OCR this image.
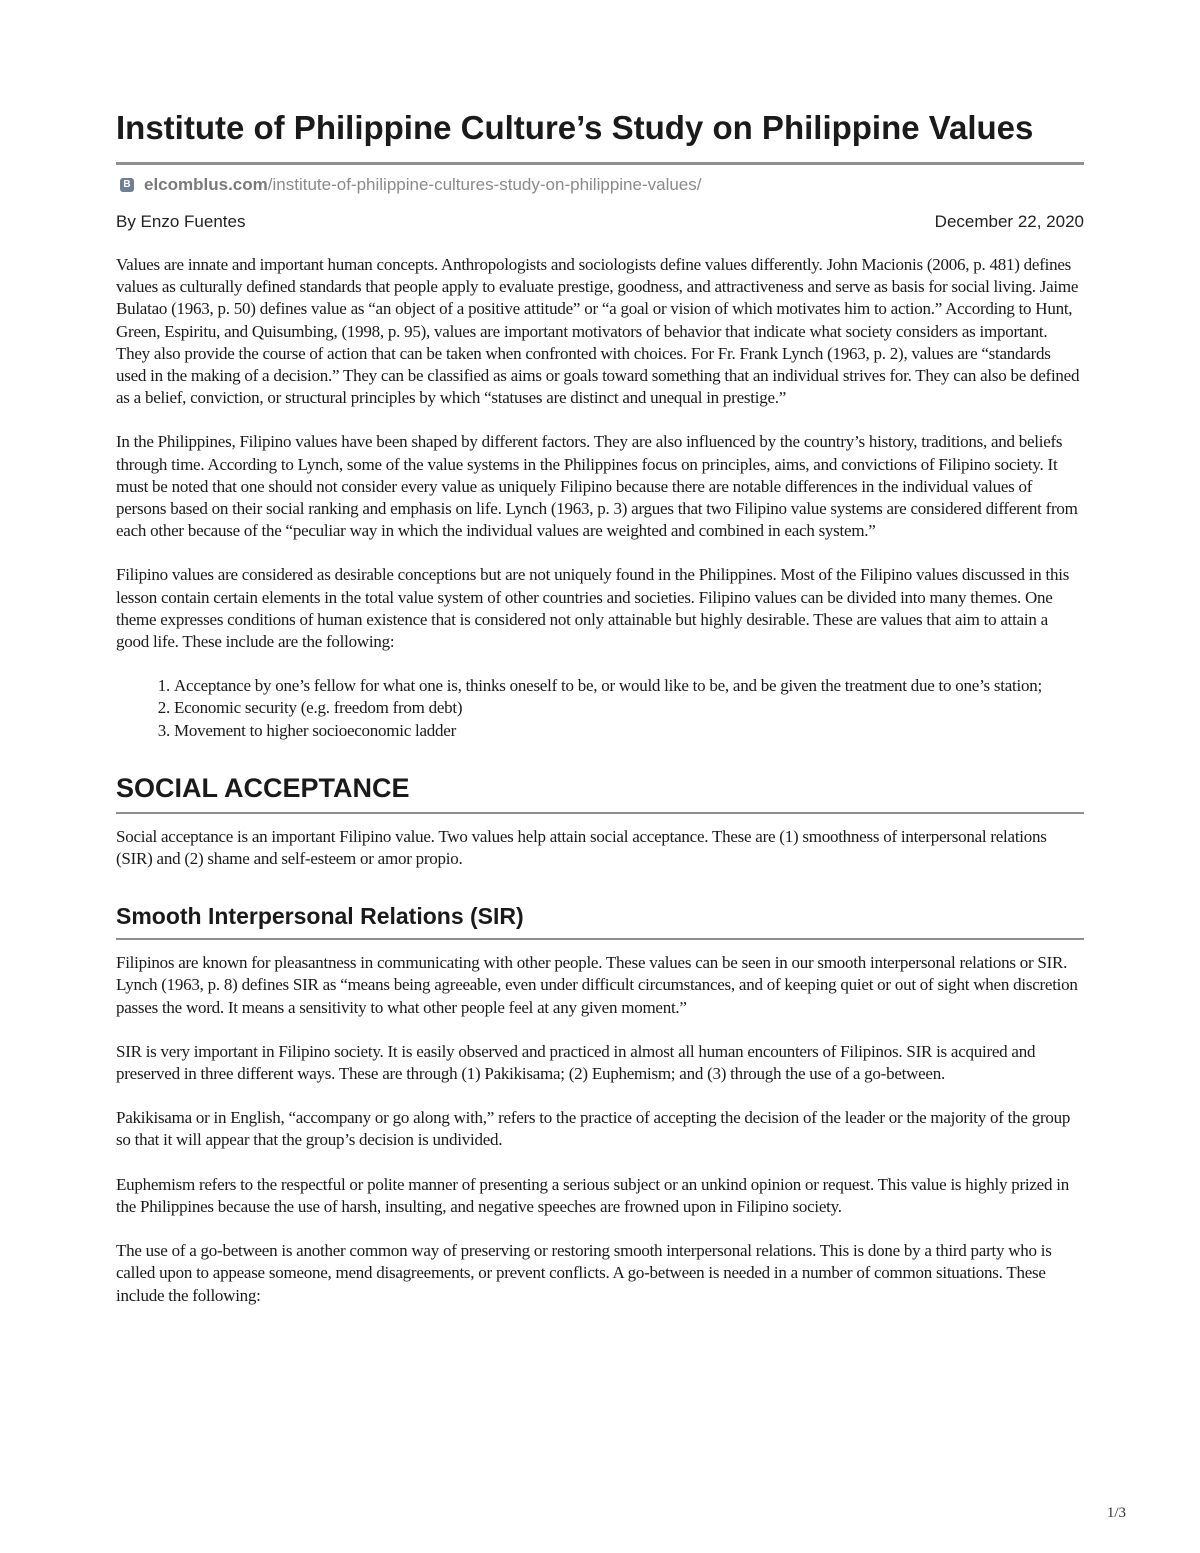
Institute of Philippine Culture’s Study on Philippine Values
B elcomblus.com /institute-of-philippine-cultures-study-on-philippine-values/
By Enzo Fuentes	December 22, 2020

Values are innate and important human concepts. Anthropologists and sociologists define values differently. John Macionis (2006, p. 481) defines values as culturally defined standards that people apply to evaluate prestige, goodness, and attractiveness and serve as basis for social living. Jaime Bulatao (1963, p. 50) defines value as “an object of a positive attitude” or “a goal or vision of which motivates him to action.” According to Hunt, Green, Espiritu, and Quisumbing, (1998, p. 95), values are important motivators of behavior that indicate what society considers as important. They also provide the course of action that can be taken when confronted with choices. For Fr. Frank Lynch (1963, p. 2), values are “standards used in the making of a decision.” They can be classified as aims or goals toward something that an individual strives for. They can also be defined as a belief, conviction, or structural principles by which “statuses are distinct and unequal in prestige.”

In the Philippines, Filipino values have been shaped by different factors. They are also influenced by the country’s history, traditions, and beliefs through time. According to Lynch, some of the value systems in the Philippines focus on principles, aims, and convictions of Filipino society. It must be noted that one should not consider every value as uniquely Filipino because there are notable differences in the individual values of persons based on their social ranking and emphasis on life. Lynch (1963, p. 3) argues that two Filipino value systems are considered different from each other because of the “peculiar way in which the individual values are weighted and combined in each system.”

Filipino values are considered as desirable conceptions but are not uniquely found in the Philippines. Most of the Filipino values discussed in this lesson contain certain elements in the total value system of other countries and societies. Filipino values can be divided into many themes. One theme expresses conditions of human existence that is considered not only attainable but highly desirable. These are values that aim to attain a good life. These include are the following:

1. Acceptance by one’s fellow for what one is, thinks oneself to be, or would like to be, and be given the treatment due to one’s station;
2. Economic security (e.g. freedom from debt)
3. Movement to higher socioeconomic ladder
SOCIAL ACCEPTANCE

Social acceptance is an important Filipino value. Two values help attain social acceptance. These are (1) smoothness of interpersonal relations (SIR) and (2) shame and self-esteem or amor propio.

Smooth Interpersonal Relations (SIR)

Filipinos are known for pleasantness in communicating with other people. These values can be seen in our smooth interpersonal relations or SIR. Lynch (1963, p. 8) defines SIR as “means being agreeable, even under difficult circumstances, and of keeping quiet or out of sight when discretion passes the word. It means a sensitivity to what other people feel at any given moment.”

SIR is very important in Filipino society. It is easily observed and practiced in almost all human encounters of Filipinos. SIR is acquired and preserved in three different ways. These are through (1) Pakikisama; (2) Euphemism; and (3) through the use of a go-between.

Pakikisama or in English, “accompany or go along with,” refers to the practice of accepting the decision of the leader or the majority of the group so that it will appear that the group’s decision is undivided.

Euphemism refers to the respectful or polite manner of presenting a serious subject or an unkind opinion or request. This value is highly prized in the Philippines because the use of harsh, insulting, and negative speeches are frowned upon in Filipino society.

The use of a go-between is another common way of preserving or restoring smooth interpersonal relations. This is done by a third party who is called upon to appease someone, mend disagreements, or prevent conflicts. A go-between is needed in a number of common situations. These include the following:

1/3
